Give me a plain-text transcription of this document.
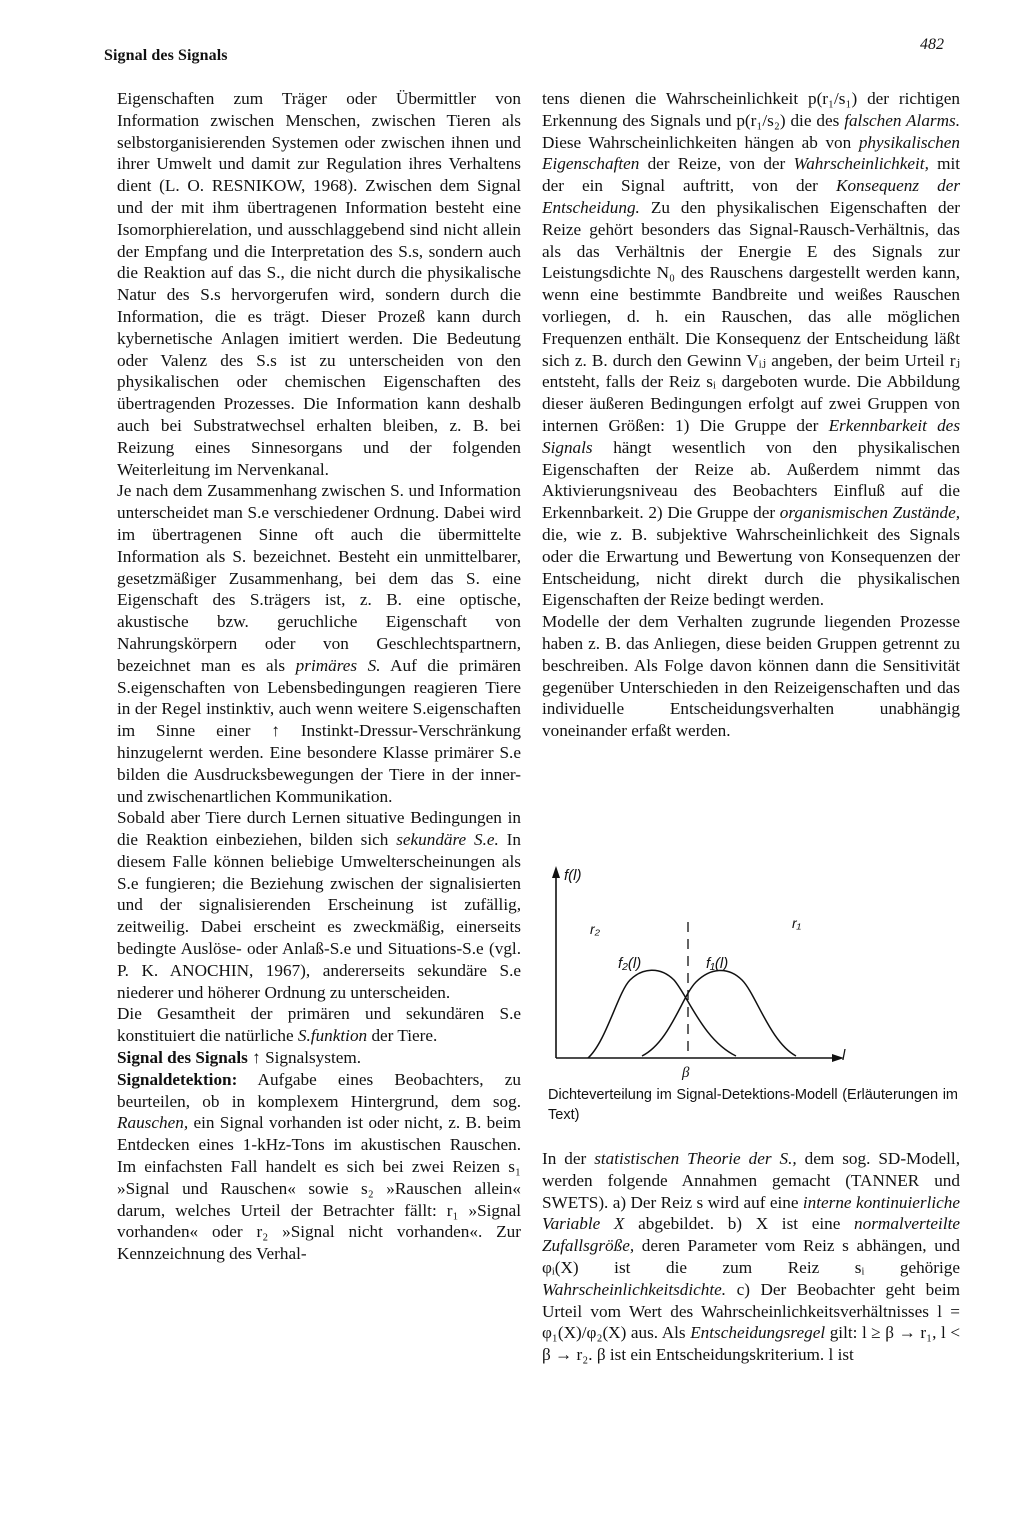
Signal des Signals
482

Eigenschaften zum Träger oder Übermittler von Information zwischen Menschen, zwischen Tieren als selbstorganisierenden Systemen oder zwischen ihnen und ihrer Umwelt und damit zur Regulation ihres Verhaltens dient (L. O. RESNIKOW, 1968). Zwischen dem Signal und der mit ihm übertragenen Information besteht eine Isomorphierelation, und ausschlaggebend sind nicht allein der Empfang und die Interpretation des S.s, sondern auch die Reaktion auf das S., die nicht durch die physikalische Natur des S.s hervorgerufen wird, sondern durch die Information, die es trägt. Dieser Prozeß kann durch kybernetische Anlagen imitiert werden. Die Bedeutung oder Valenz des S.s ist zu unterscheiden von den physikalischen oder chemischen Eigenschaften des übertragenden Prozesses. Die Information kann deshalb auch bei Substratwechsel erhalten bleiben, z. B. bei Reizung eines Sinnesorgans und der folgenden Weiterleitung im Nervenkanal.

Je nach dem Zusammenhang zwischen S. und Information unterscheidet man S.e verschiedener Ordnung. Dabei wird im übertragenen Sinne oft auch die übermittelte Information als S. bezeichnet. Besteht ein unmittelbarer, gesetzmäßiger Zusammenhang, bei dem das S. eine Eigenschaft des S.trägers ist, z. B. eine optische, akustische bzw. geruchliche Eigenschaft von Nahrungskörpern oder von Geschlechtspartnern, bezeichnet man es als primäres S. Auf die primären S.eigenschaften von Lebensbedingungen reagieren Tiere in der Regel instinktiv, auch wenn weitere S.eigenschaften im Sinne einer ↑ Instinkt-Dressur-Verschränkung hinzugelernt werden. Eine besondere Klasse primärer S.e bilden die Ausdrucksbewegungen der Tiere in der inner- und zwischenartlichen Kommunikation.

Sobald aber Tiere durch Lernen situative Bedingungen in die Reaktion einbeziehen, bilden sich sekundäre S.e. In diesem Falle können beliebige Umwelterscheinungen als S.e fungieren; die Beziehung zwischen der signalisierten und der signalisierenden Erscheinung ist zufällig, zeitweilig. Dabei erscheint es zweckmäßig, einerseits bedingte Auslöse- oder Anlaß-S.e und Situations-S.e (vgl. P. K. ANOCHIN, 1967), andererseits sekundäre S.e niederer und höherer Ordnung zu unterscheiden.

Die Gesamtheit der primären und sekundären S.e konstituiert die natürliche S.funktion der Tiere.

Signal des Signals ↑ Signalsystem.

Signaldetektion: Aufgabe eines Beobachters, zu beurteilen, ob in komplexem Hintergrund, dem sog. Rauschen, ein Signal vorhanden ist oder nicht, z. B. beim Entdecken eines 1-kHz-Tons im akustischen Rauschen. Im einfachsten Fall handelt es sich bei zwei Reizen s₁ »Signal und Rauschen« sowie s₂ »Rauschen allein« darum, welches Urteil der Betrachter fällt: r₁ »Signal vorhanden« oder r₂ »Signal nicht vorhanden«. Zur Kennzeichnung des Verhal-

tens dienen die Wahrscheinlichkeit p(r₁/s₁) der richtigen Erkennung des Signals und p(r₁/s₂) die des falschen Alarms. Diese Wahrscheinlichkeiten hängen ab von physikalischen Eigenschaften der Reize, von der Wahrscheinlichkeit, mit der ein Signal auftritt, von der Konsequenz der Entscheidung. Zu den physikalischen Eigenschaften der Reize gehört besonders das Signal-Rausch-Verhältnis, das als das Verhältnis der Energie E des Signals zur Leistungsdichte N₀ des Rauschens dargestellt werden kann, wenn eine bestimmte Bandbreite und weißes Rauschen vorliegen, d. h. ein Rauschen, das alle möglichen Frequenzen enthält. Die Konsequenz der Entscheidung läßt sich z. B. durch den Gewinn Vᵢⱼ angeben, der beim Urteil rⱼ entsteht, falls der Reiz sᵢ dargeboten wurde. Die Abbildung dieser äußeren Bedingungen erfolgt auf zwei Gruppen von internen Größen: 1) Die Gruppe der Erkennbarkeit des Signals hängt wesentlich von den physikalischen Eigenschaften der Reize ab. Außerdem nimmt das Aktivierungsniveau des Beobachters Einfluß auf die Erkennbarkeit. 2) Die Gruppe der organismischen Zustände, die, wie z. B. subjektive Wahrscheinlichkeit des Signals oder die Erwartung und Bewertung von Konsequenzen der Entscheidung, nicht direkt durch die physikalischen Eigenschaften der Reize bedingt werden.

Modelle der dem Verhalten zugrunde liegenden Prozesse haben z. B. das Anliegen, diese beiden Gruppen getrennt zu beschreiben. Als Folge davon können dann die Sensitivität gegenüber Unterschieden in den Reizeigenschaften und das individuelle Entscheidungsverhalten unabhängig voneinander erfaßt werden.

f(l)
l
β
r₂	r₁
f₂(l)	f₁(l)
Dichteverteilung im Signal-Detektions-Modell (Erläuterungen im Text)

In der statistischen Theorie der S., dem sog. SD-Modell, werden folgende Annahmen gemacht (TANNER und SWETS). a) Der Reiz s wird auf eine interne kontinuierliche Variable X abgebildet. b) X ist eine normalverteilte Zufallsgröße, deren Parameter vom Reiz s abhängen, und φᵢ(X) ist die zum Reiz sᵢ gehörige Wahrscheinlichkeitsdichte. c) Der Beobachter geht beim Urteil vom Wert des Wahrscheinlichkeitsverhältnisses l = φ₁(X)/φ₂(X) aus. Als Entscheidungsregel gilt: l ≥ β → r₁, l < β → r₂. β ist ein Entscheidungskriterium. l ist
